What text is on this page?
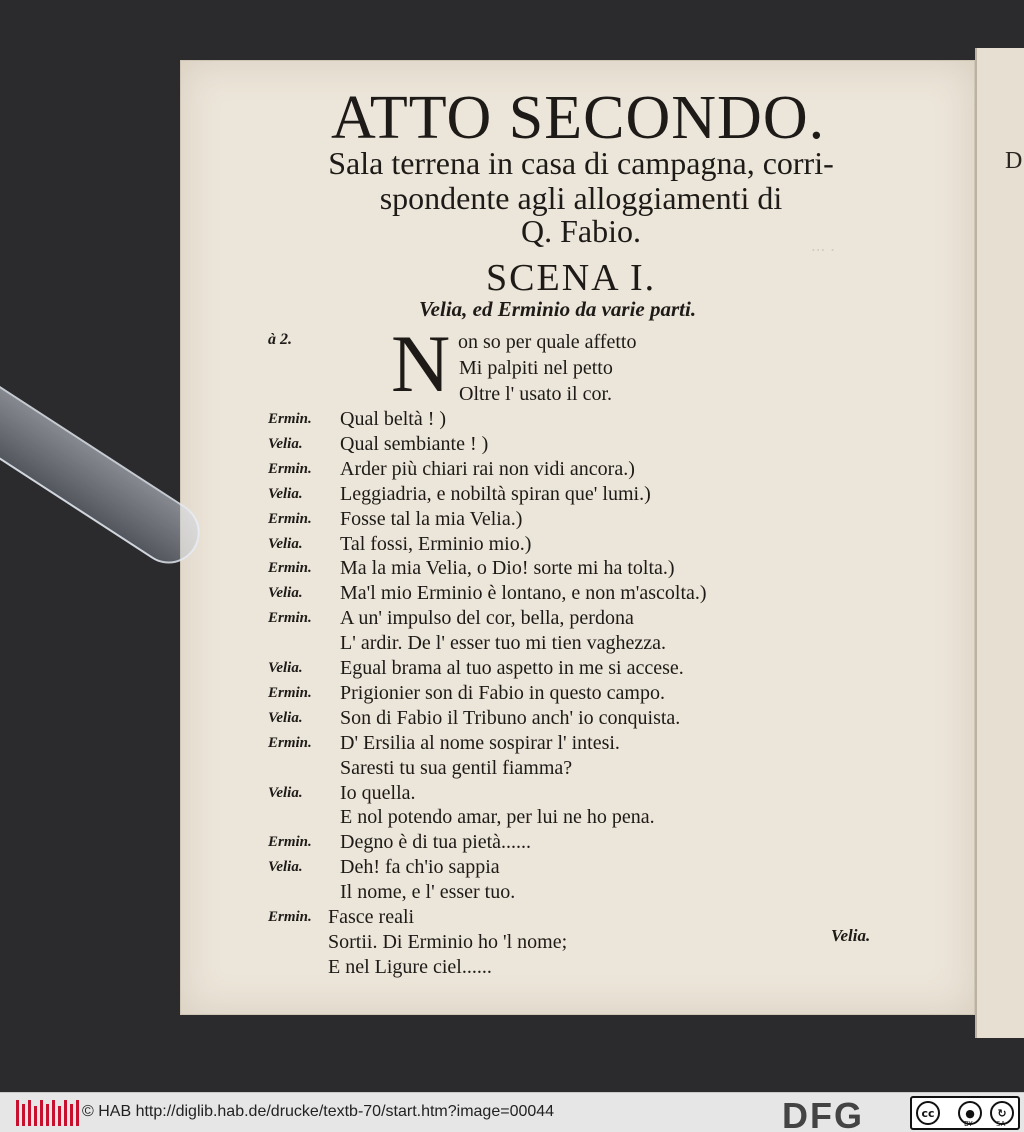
D
··· ·
ATTO SECONDO.
Sala terrena in casa di campagna, corri-
spondente agli alloggiamenti di
Q. Fabio.
SCENA I.
Velia, ed Erminio da varie parti.
à 2. N on so per quale affetto
Mi palpiti nel petto
Oltre l' usato il cor.
Ermin. Qual beltà ! )
Velia. Qual sembiante ! )
Ermin. Arder più chiari rai non vidi ancora.)
Velia. Leggiadria, e nobiltà spiran que' lumi.)
Ermin. Fosse tal la mia Velia.)
Velia. Tal fossi, Erminio mio.)
Ermin. Ma la mia Velia, o Dio! sorte mi ha tolta.)
Velia. Ma'l mio Erminio è lontano, e non m'ascolta.)
Ermin. A un' impulso del cor, bella, perdona
L' ardir. De l' esser tuo mi tien vaghezza.
Velia. Egual brama al tuo aspetto in me si accese.
Ermin. Prigionier son di Fabio in questo campo.
Velia. Son di Fabio il Tribuno anch' io conquista.
Ermin. D' Ersilia al nome sospirar l' intesi.
Saresti tu sua gentil fiamma?
Velia. Io quella.
E nol potendo amar, per lui ne ho pena.
Ermin. Degno è di tua pietà......
Velia. Deh! fa ch'io sappia
Il nome, e l' esser tuo.
Ermin. Fasce reali
Sortii. Di Erminio ho 'l nome;
E nel Ligure ciel......
Velia.
© HAB http://diglib.hab.de/drucke/textb-70/start.htm?image=00044	DFG	cc	●	↻
BY	SA
